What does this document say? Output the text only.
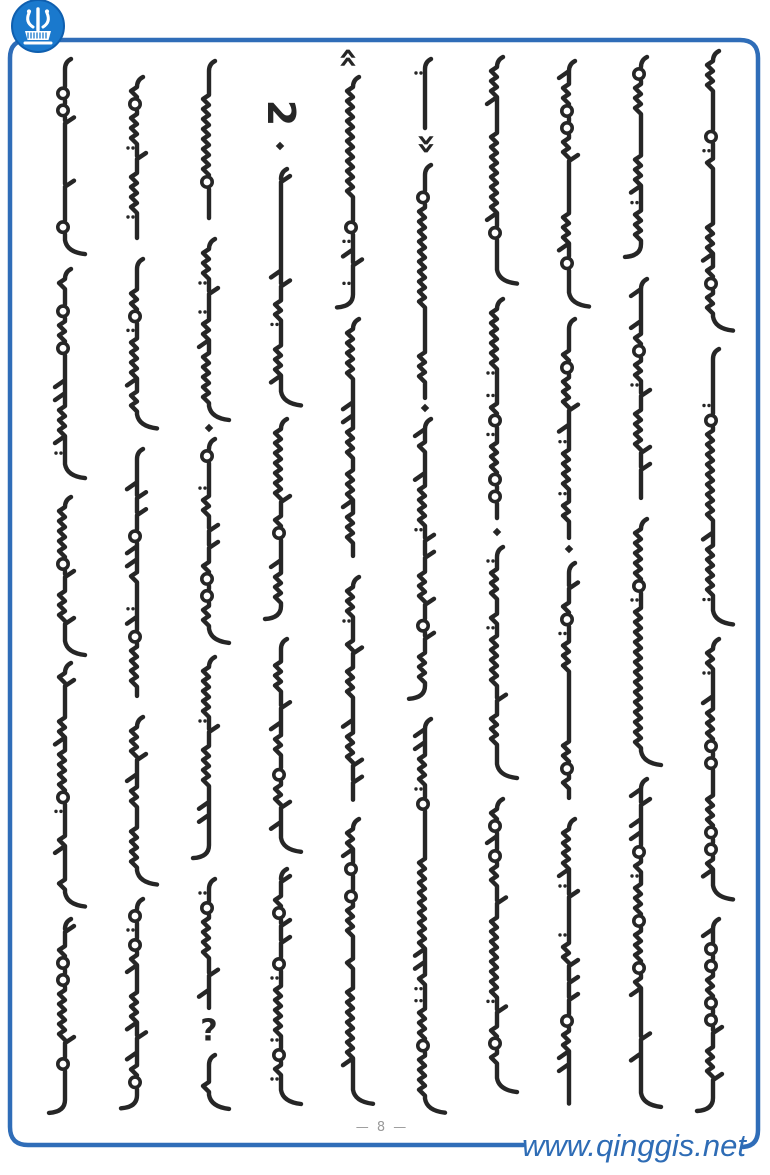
2
«
»
?
— 8 —
www.qinggis.net
